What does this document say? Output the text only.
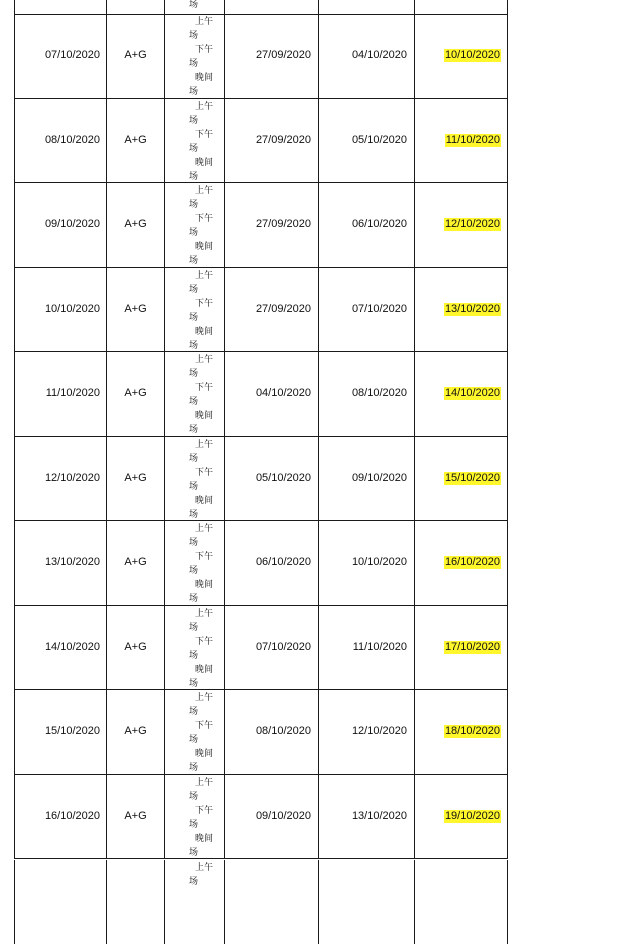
场
07/10/2020 A+G
上午
场
下午
场
晚间
场
27/09/2020	04/10/2020	10/10/2020
08/10/2020 A+G
上午
场
下午
场
晚间
场
27/09/2020	05/10/2020	11/10/2020
09/10/2020 A+G
上午
场
下午
场
晚间
场
27/09/2020	06/10/2020	12/10/2020
10/10/2020 A+G
上午
场
下午
场
晚间
场
27/09/2020	07/10/2020	13/10/2020
11/10/2020 A+G
上午
场
下午
场
晚间
场
04/10/2020	08/10/2020	14/10/2020
12/10/2020 A+G
上午
场
下午
场
晚间
场
05/10/2020	09/10/2020	15/10/2020
13/10/2020 A+G
上午
场
下午
场
晚间
场
06/10/2020	10/10/2020	16/10/2020
14/10/2020 A+G
上午
场
下午
场
晚间
场
07/10/2020	11/10/2020	17/10/2020
15/10/2020 A+G
上午
场
下午
场
晚间
场
08/10/2020	12/10/2020	18/10/2020
16/10/2020 A+G
上午
场
下午
场
晚间
场
09/10/2020	13/10/2020	19/10/2020
上午
场
